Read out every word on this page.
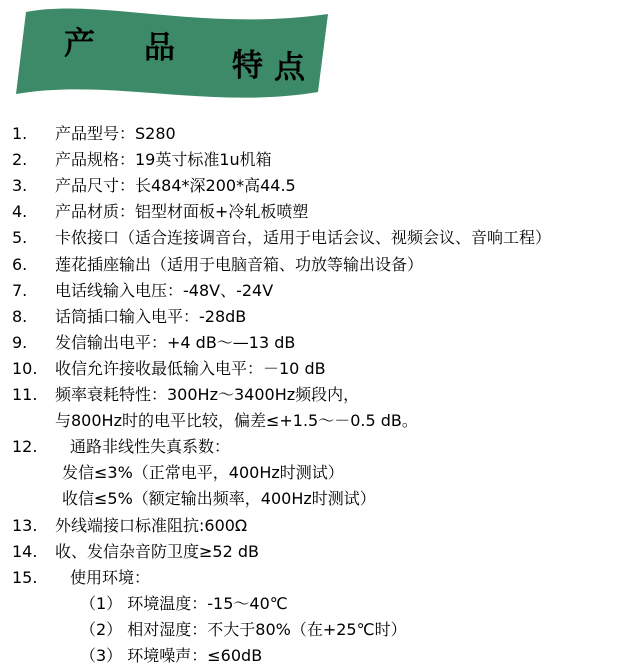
产 品 特 点
1. 产品型号：S280
2. 产品规格：19英寸标准1u机箱
3. 产品尺寸：长484*深200*高44.5
4. 产品材质：铝型材面板+冷轧板喷塑
5. 卡侬接口（适合连接调音台，适用于电话会议、视频会议、音响工程）
6. 莲花插座输出（适用于电脑音箱、功放等输出设备）
7. 电话线输入电压：-48V、-24V
8. 话筒插口输入电平：-28dB
9. 发信输出电平：+4 dB～—13 dB
10. 收信允许接收最低输入电平：－10 dB
11. 频率衰耗特性：300Hz～3400Hz频段内，
与800Hz时的电平比较，偏差≤+1.5～－0.5 dB。
12. 通路非线性失真系数：
发信≤3%（正常电平，400Hz时测试）
收信≤5%（额定输出频率，400Hz时测试）
13. 外线端接口标准阻抗:600Ω
14. 收、发信杂音防卫度≥52 dB
15. 使用环境：
（1） 环境温度：-15～40℃
（2） 相对湿度：不大于80%（在+25℃时）
（3） 环境噪声：≤60dB
